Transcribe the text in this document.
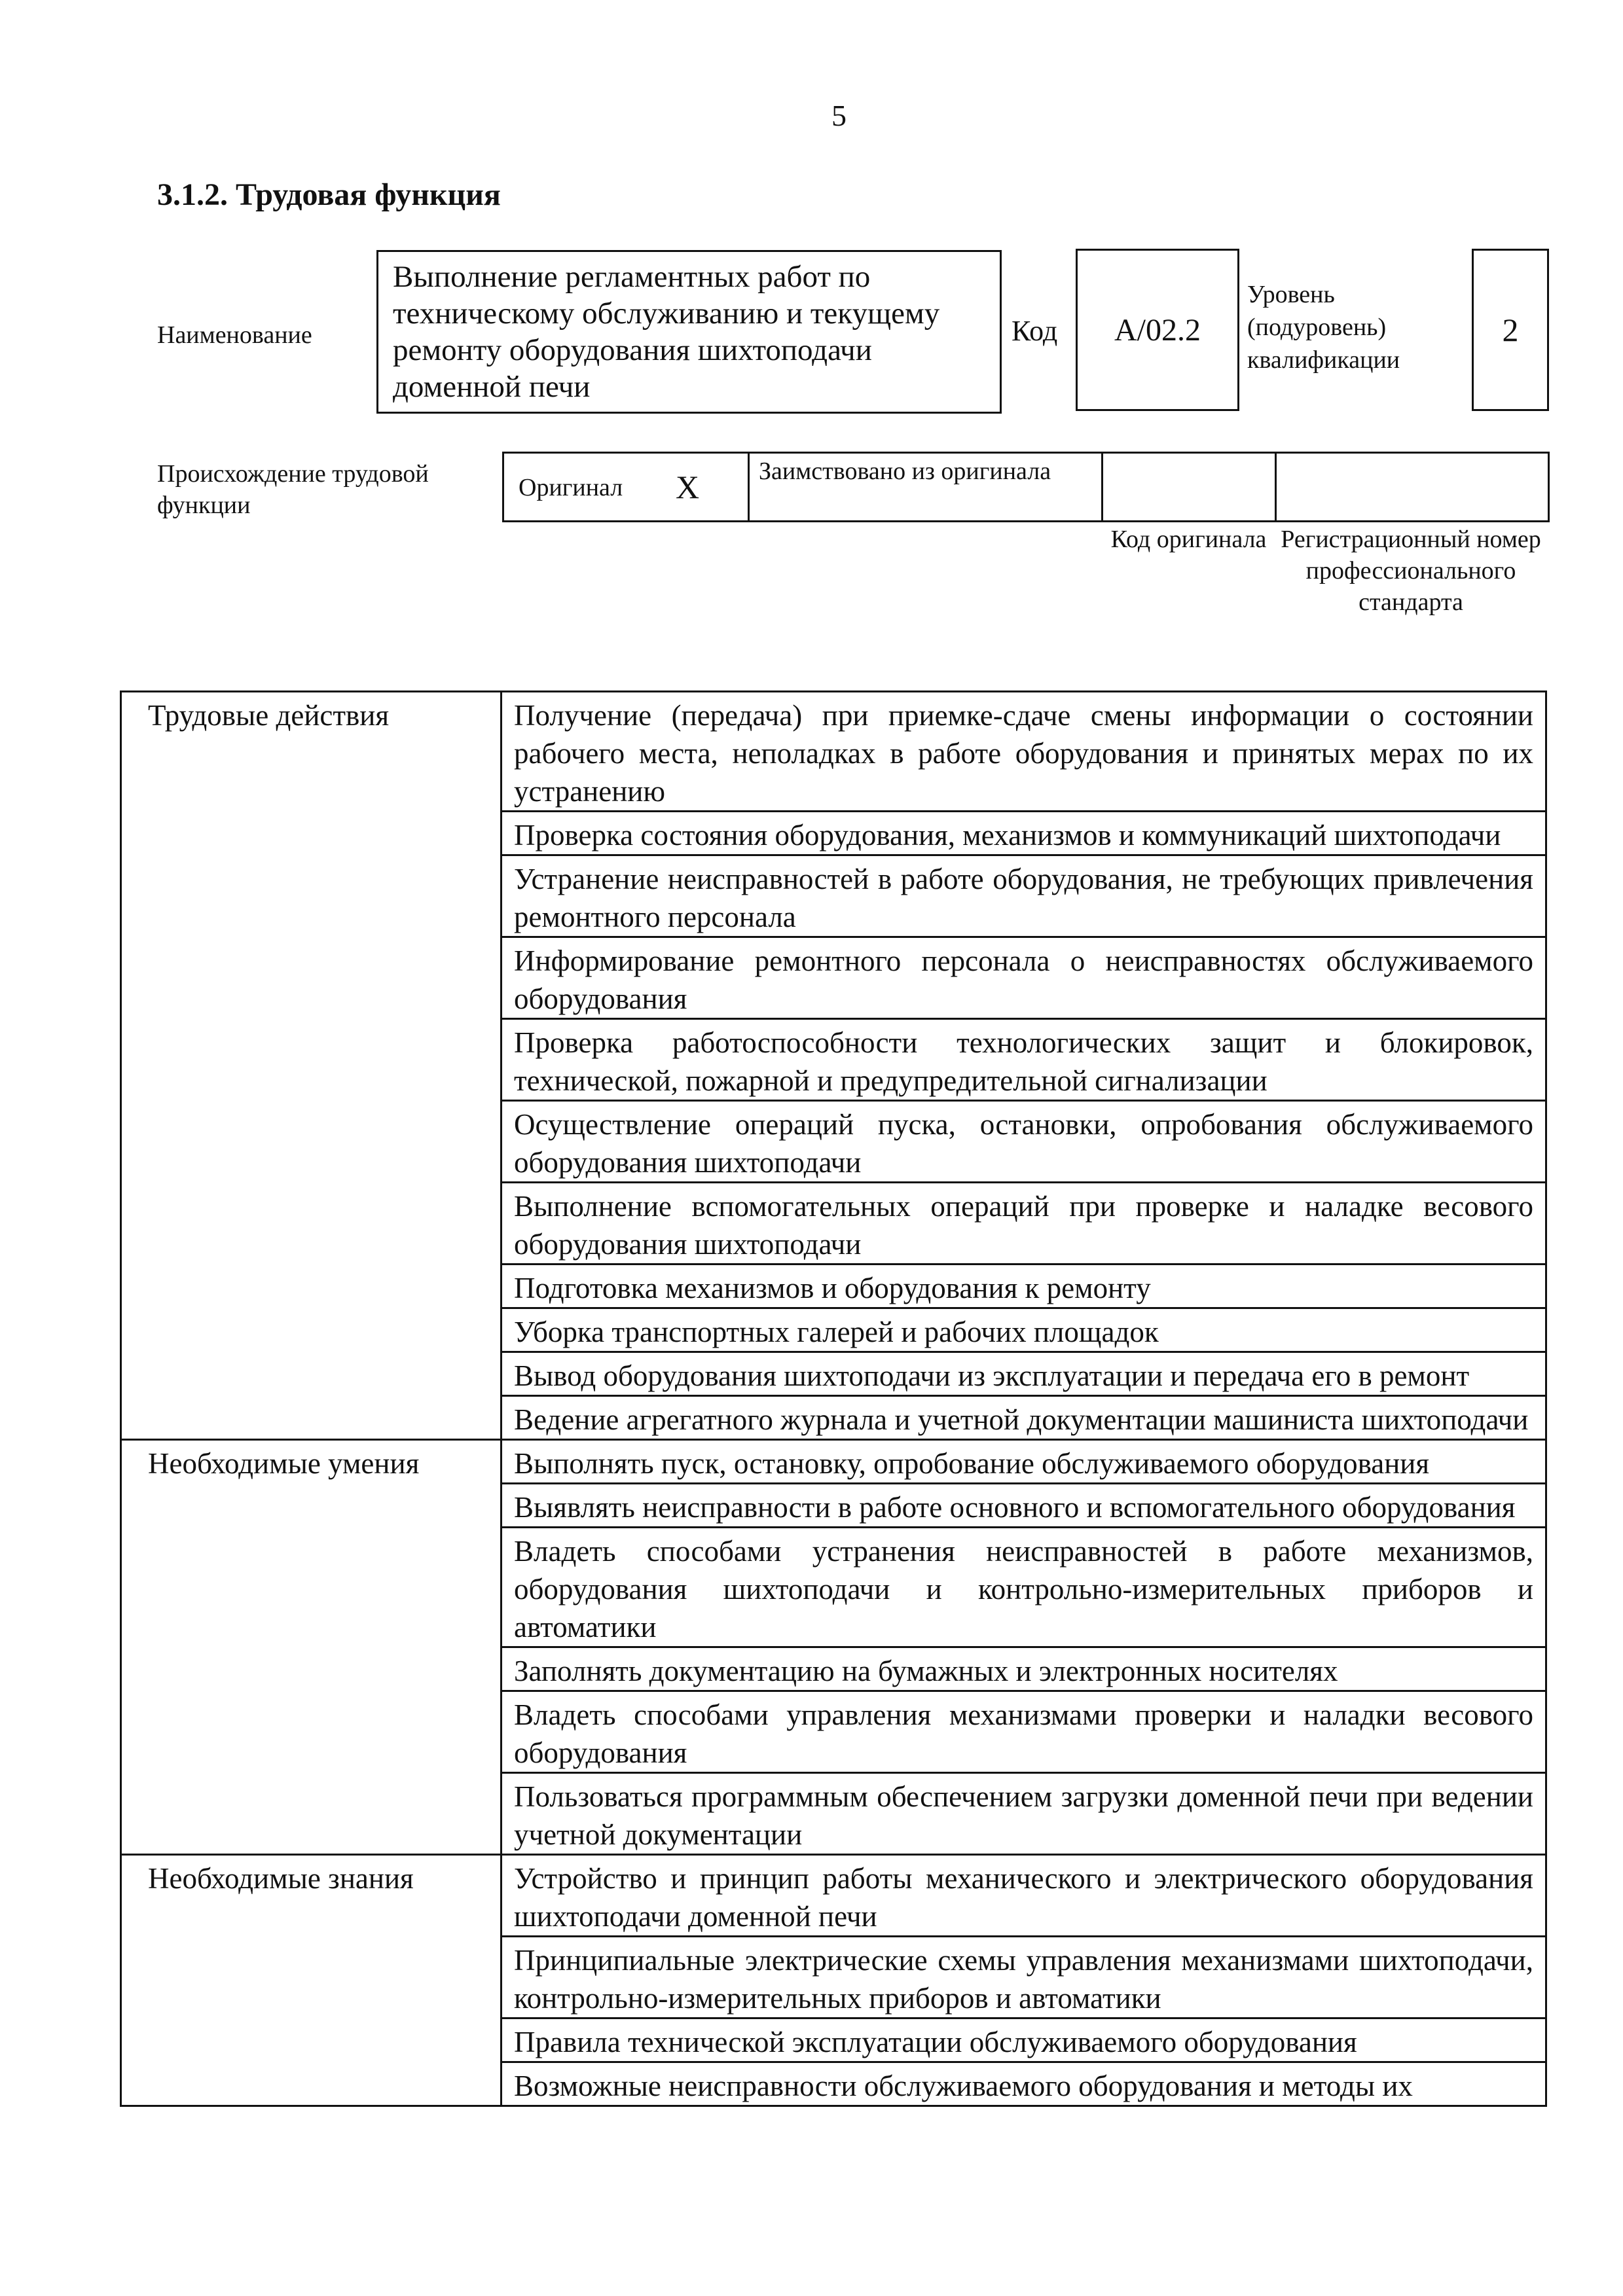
5
3.1.2. Трудовая функция
Наименование
Выполнение регламентных работ по техническому обслуживанию и текущему ремонту оборудования шихтоподачи доменной печи
Код А/02.2
Уровень (подуровень) квалификации
2
Происхождение трудовой функции
Оригинал Х Заимствовано из оригинала
Код оригинала Регистрационный номер профессионального стандарта
Трудовые действия	Получение (передача) при приемке-сдаче смены информации о состоянии рабочего места, неполадках в работе оборудования и принятых мерах по их устранению
	Проверка состояния оборудования, механизмов и коммуникаций шихтоподачи
	Устранение неисправностей в работе оборудования, не требующих привлечения ремонтного персонала
	Информирование ремонтного персонала о неисправностях обслуживаемого оборудования
	Проверка работоспособности технологических защит и блокировок, технической, пожарной и предупредительной сигнализации
	Осуществление операций пуска, остановки, опробования обслуживаемого оборудования шихтоподачи
	Выполнение вспомогательных операций при проверке и наладке весового оборудования шихтоподачи
	Подготовка механизмов и оборудования к ремонту
	Уборка транспортных галерей и рабочих площадок
	Вывод оборудования шихтоподачи из эксплуатации и передача его в ремонт
	Ведение агрегатного журнала и учетной документации машиниста шихтоподачи
Необходимые умения	Выполнять пуск, остановку, опробование обслуживаемого оборудования
	Выявлять неисправности в работе основного и вспомогательного оборудования
	Владеть способами устранения неисправностей в работе механизмов, оборудования шихтоподачи и контрольно-измерительных приборов и автоматики
	Заполнять документацию на бумажных и электронных носителях
	Владеть способами управления механизмами проверки и наладки весового оборудования
	Пользоваться программным обеспечением загрузки доменной печи при ведении учетной документации
Необходимые знания	Устройство и принцип работы механического и электрического оборудования шихтоподачи доменной печи
	Принципиальные электрические схемы управления механизмами шихтоподачи, контрольно-измерительных приборов и автоматики
	Правила технической эксплуатации обслуживаемого оборудования
	Возможные неисправности обслуживаемого оборудования и методы их
